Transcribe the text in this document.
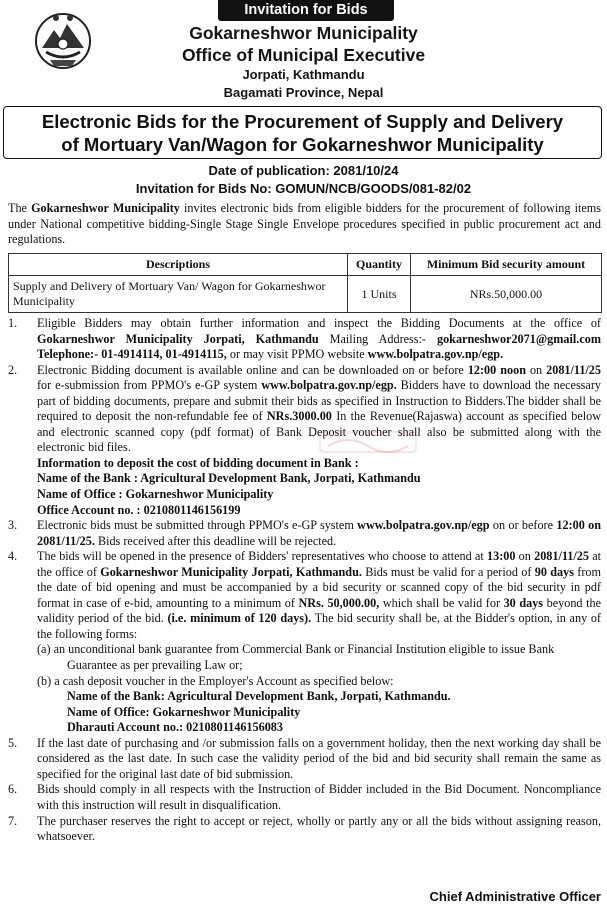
Invitation for Bids
Gokarneshwor Municipality
Office of Municipal Executive
Jorpati, Kathmandu
Bagamati Province, Nepal
Electronic Bids for the Procurement of Supply and Delivery
of Mortuary Van/Wagon for Gokarneshwor Municipality
Date of publication: 2081/10/24
Invitation for Bids No: GOMUN/NCB/GOODS/081-82/02
The Gokarneshwor Municipality invites electronic bids from eligible bidders for the procurement of following items under National competitive bidding-Single Stage Single Envelope procedures specified in public procurement act and regulations.
Descriptions	Quantity	Minimum Bid security amount
Supply and Delivery of Mortuary Van/ Wagon for Gokarneshwor Municipality	1 Units	NRs.50,000.00
1. Eligible Bidders may obtain further information and inspect the Bidding Documents at the office of Gokarneshwor Municipality Jorpati, Kathmandu Mailing Address:- gokarneshwor2071@gmail.com Telephone:- 01-4914114, 01-4914115, or may visit PPMO website www.bolpatra.gov.np/egp.
2. Electronic Bidding document is available online and can be downloaded on or before 12:00 noon on 2081/11/25 for e-submission from PPMO's e-GP system www.bolpatra.gov.np/egp. Bidders have to download the necessary part of bidding documents, prepare and submit their bids as specified in Instruction to Bidders.The bidder shall be required to deposit the non-refundable fee of NRs.3000.00 In the Revenue(Rajaswa) account as specified below and electronic scanned copy (pdf format) of Bank Deposit voucher shall also be submitted along with the electronic bid files.
Information to deposit the cost of bidding document in Bank :
Name of the Bank : Agricultural Development Bank, Jorpati, Kathmandu
Name of Office : Gokarneshwor Municipality
Office Account no. : 0210801146156199
3. Electronic bids must be submitted through PPMO's e-GP system www.bolpatra.gov.np/egp on or before 12:00 on 2081/11/25. Bids received after this deadline will be rejected.
4. The bids will be opened in the presence of Bidders' representatives who choose to attend at 13:00 on 2081/11/25 at the office of Gokarneshwor Municipality Jorpati, Kathmandu. Bids must be valid for a period of 90 days from the date of bid opening and must be accompanied by a bid security or scanned copy of the bid security in pdf format in case of e-bid, amounting to a minimum of NRs. 50,000.00, which shall be valid for 30 days beyond the validity period of the bid. (i.e. minimum of 120 days). The bid security shall be, at the Bidder's option, in any of the following forms:
(a) an unconditional bank guarantee from Commercial Bank or Financial Institution eligible to issue Bank
Guarantee as per prevailing Law or;
(b) a cash deposit voucher in the Employer's Account as specified below:
Name of the Bank: Agricultural Development Bank, Jorpati, Kathmandu.
Name of Office: Gokarneshwor Municipality
Dharauti Account no.: 0210801146156083
5. If the last date of purchasing and /or submission falls on a government holiday, then the next working day shall be considered as the last date. In such case the validity period of the bid and bid security shall remain the same as specified for the original last date of bid submission.
6. Bids should comply in all respects with the Instruction of Bidder included in the Bid Document. Noncompliance with this instruction will result in disqualification.
7. The purchaser reserves the right to accept or reject, wholly or partly any or all the bids without assigning reason, whatsoever.
Chief Administrative Officer
